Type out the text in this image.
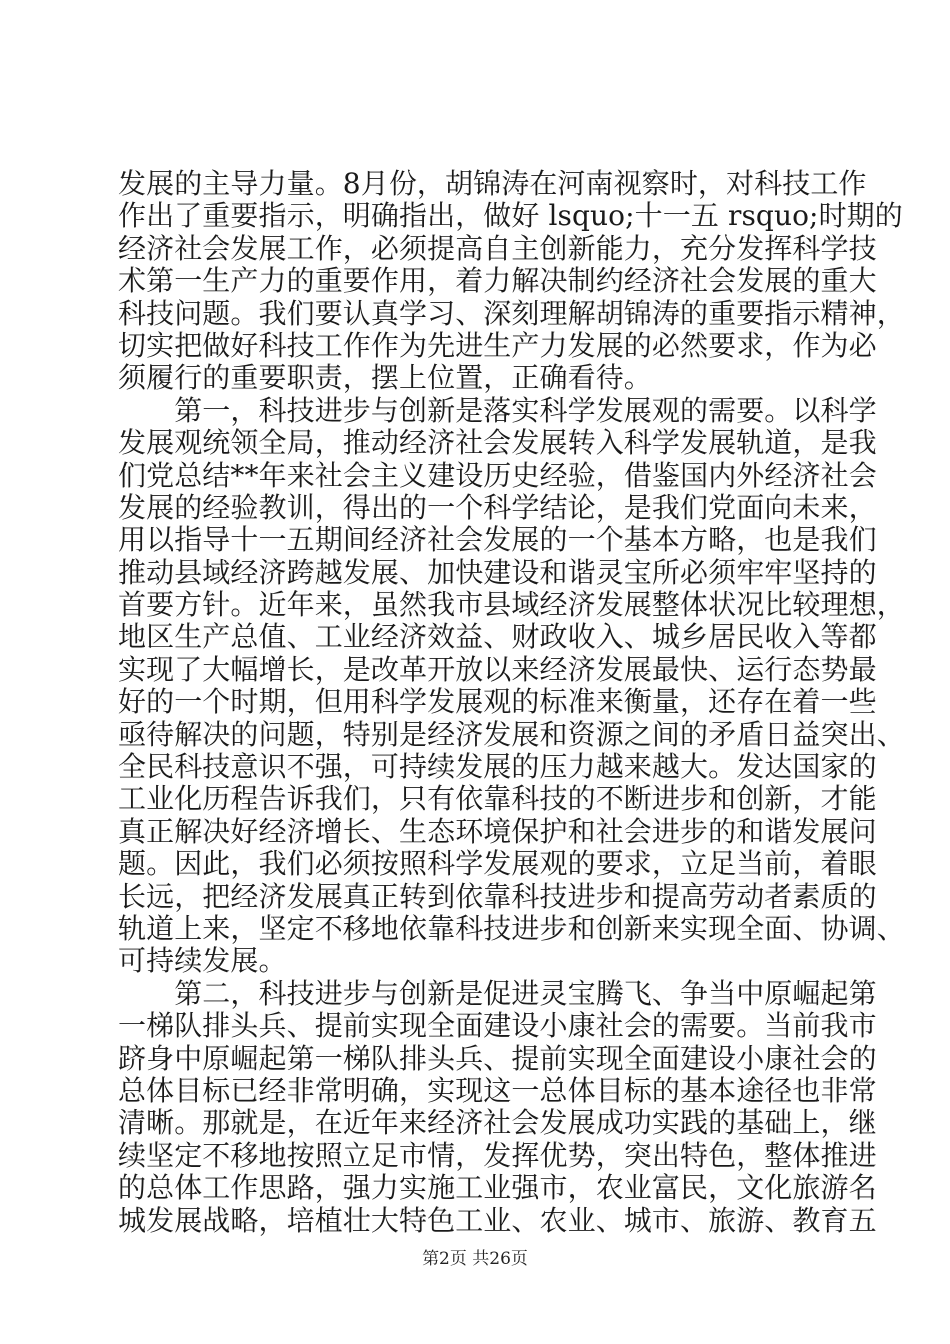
发展的主导力量。8月份，胡锦涛在河南视察时，对科技工作
作出了重要指示，明确指出，做好 lsquo;十一五 rsquo;时期的
经济社会发展工作，必须提高自主创新能力，充分发挥科学技
术第一生产力的重要作用，着力解决制约经济社会发展的重大
科技问题。我们要认真学习、深刻理解胡锦涛的重要指示精神，
切实把做好科技工作作为先进生产力发展的必然要求，作为必
须履行的重要职责，摆上位置，正确看待。
　　第一，科技进步与创新是落实科学发展观的需要。以科学
发展观统领全局，推动经济社会发展转入科学发展轨道，是我
们党总结**年来社会主义建设历史经验，借鉴国内外经济社会
发展的经验教训，得出的一个科学结论，是我们党面向未来，
用以指导十一五期间经济社会发展的一个基本方略，也是我们
推动县域经济跨越发展、加快建设和谐灵宝所必须牢牢坚持的
首要方针。近年来，虽然我市县域经济发展整体状况比较理想，
地区生产总值、工业经济效益、财政收入、城乡居民收入等都
实现了大幅增长，是改革开放以来经济发展最快、运行态势最
好的一个时期，但用科学发展观的标准来衡量，还存在着一些
亟待解决的问题，特别是经济发展和资源之间的矛盾日益突出、
全民科技意识不强，可持续发展的压力越来越大。发达国家的
工业化历程告诉我们，只有依靠科技的不断进步和创新，才能
真正解决好经济增长、生态环境保护和社会进步的和谐发展问
题。因此，我们必须按照科学发展观的要求，立足当前，着眼
长远，把经济发展真正转到依靠科技进步和提高劳动者素质的
轨道上来，坚定不移地依靠科技进步和创新来实现全面、协调、
可持续发展。
　　第二，科技进步与创新是促进灵宝腾飞、争当中原崛起第
一梯队排头兵、提前实现全面建设小康社会的需要。当前我市
跻身中原崛起第一梯队排头兵、提前实现全面建设小康社会的
总体目标已经非常明确，实现这一总体目标的基本途径也非常
清晰。那就是，在近年来经济社会发展成功实践的基础上，继
续坚定不移地按照立足市情，发挥优势，突出特色，整体推进
的总体工作思路，强力实施工业强市，农业富民，文化旅游名
城发展战略，培植壮大特色工业、农业、城市、旅游、教育五
第2页 共26页
